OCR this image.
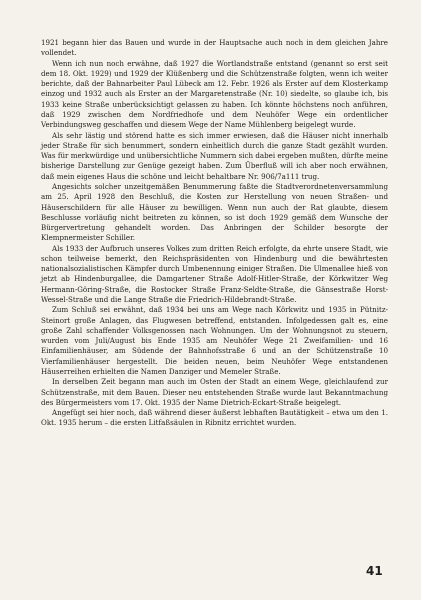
1921 begann hier das Bauen und wurde in der Hauptsache auch noch in dem gleichen Jahre vollendet.

Wenn ich nun noch erwähne, daß 1927 die Wortlandstraße entstand (genannt so erst seit dem 18. Okt. 1929) und 1929 der Klüßenberg und die Schützenstraße folgten, wenn ich weiter berichte, daß der Bahnarbeiter Paul Lübeck am 12. Febr. 1926 als Erster auf dem Klosterkamp einzog und 1932 auch als Erster an der Margaretenstraße (Nr. 10) siedelte, so glaube ich, bis 1933 keine Straße unberücksichtigt gelassen zu haben. Ich könnte höchstens noch anführen, daß 1929 zwischen dem Nordfriedhofe und dem Neuhöfer Wege ein ordentlicher Verbindungsweg geschaffen und diesem Wege der Name Mühlenberg beigelegt wurde.

Als sehr lästig und störend hatte es sich immer erwiesen, daß die Häuser nicht innerhalb jeder Straße für sich benummert, sondern einheitlich durch die ganze Stadt gezählt wurden. Was für merkwürdige und unübersichtliche Nummern sich dabei ergeben mußten, dürfte meine bisherige Darstellung zur Genüge gezeigt haben. Zum Überfluß will ich aber noch erwähnen, daß mein eigenes Haus die schöne und leicht behaltbare Nr. 906/7a111 trug.

Angesichts solcher unzeitgemäßen Benummerung faßte die Stadtverordnetenversammlung am 25. April 1928 den Beschluß, die Kosten zur Herstellung von neuen Straßen- und Häuserschildern für alle Häuser zu bewilligen. Wenn nun auch der Rat glaubte, diesem Beschlusse vorläufig nicht beitreten zu können, so ist doch 1929 gemäß dem Wunsche der Bürgervertretung gehandelt worden. Das Anbringen der Schilder besorgte der Klempnermeister Schiller.

Als 1933 der Aufbruch unseres Volkes zum dritten Reich erfolgte, da ehrte unsere Stadt, wie schon teilweise bemerkt, den Reichspräsidenten von Hindenburg und die bewährtesten nationalsozialistischen Kämpfer durch Umbenennung einiger Straßen. Die Ulmenallee hieß von jetzt ab Hindenburgallee, die Damgartener Straße Adolf-Hitler-Straße, der Körkwitzer Weg Hermann-Göring-Straße, die Rostocker Straße Franz-Seldte-Straße, die Gänsestraße Horst-Wessel-Straße und die Lange Straße die Friedrich-Hildebrandt-Straße.

Zum Schluß sei erwähnt, daß 1934 bei uns am Wege nach Körkwitz und 1935 in Pütnitz-Steinort große Anlagen, das Flugwesen betreffend, entstanden. Infolgedessen galt es, eine große Zahl schaffender Volksgenossen nach Wohnungen. Um der Wohnungsnot zu steuern, wurden vom Juli/August bis Ende 1935 am Neuhöfer Wege 21 Zweifamilien- und 16 Einfamilienhäuser, am Südende der Bahnhofsstraße 6 und an der Schützenstraße 10 Vierfamilienhäuser hergestellt. Die beiden neuen, beim Neuhöfer Wege entstandenen Häuserreihen erhielten die Namen Danziger und Memeler Straße.

In derselben Zeit begann man auch im Osten der Stadt an einem Wege, gleichlaufend zur Schützenstraße, mit dem Bauen. Dieser neu entstehenden Straße wurde laut Bekanntmachung des Bürgermeisters vom 17. Okt. 1935 der Name Dietrich-Eckart-Straße beigelegt.

Angefügt sei hier noch, daß während dieser äußerst lebhaften Bautätigkeit – etwa um den 1. Okt. 1935 herum – die ersten Litfaßsäulen in Ribnitz errichtet wurden.

41
